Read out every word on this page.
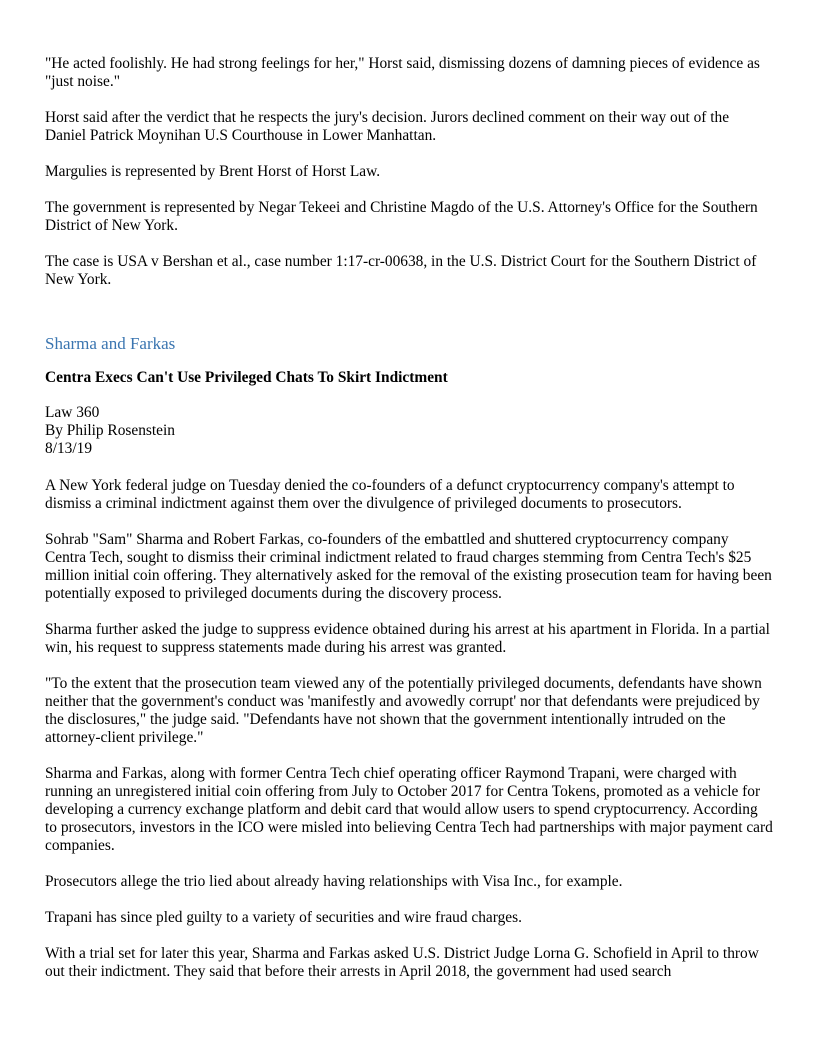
"He acted foolishly. He had strong feelings for her," Horst said, dismissing dozens of damning pieces of evidence as "just noise."

Horst said after the verdict that he respects the jury's decision. Jurors declined comment on their way out of the Daniel Patrick Moynihan U.S Courthouse in Lower Manhattan.

Margulies is represented by Brent Horst of Horst Law.

The government is represented by Negar Tekeei and Christine Magdo of the U.S. Attorney's Office for the Southern District of New York.

The case is USA v Bershan et al., case number 1:17-cr-00638, in the U.S. District Court for the Southern District of New York.

Sharma and Farkas

Centra Execs Can't Use Privileged Chats To Skirt Indictment

Law 360
By Philip Rosenstein
8/13/19

A New York federal judge on Tuesday denied the co-founders of a defunct cryptocurrency company's attempt to dismiss a criminal indictment against them over the divulgence of privileged documents to prosecutors.

Sohrab "Sam" Sharma and Robert Farkas, co-founders of the embattled and shuttered cryptocurrency company Centra Tech, sought to dismiss their criminal indictment related to fraud charges stemming from Centra Tech's $25 million initial coin offering. They alternatively asked for the removal of the existing prosecution team for having been potentially exposed to privileged documents during the discovery process.

Sharma further asked the judge to suppress evidence obtained during his arrest at his apartment in Florida. In a partial win, his request to suppress statements made during his arrest was granted.

"To the extent that the prosecution team viewed any of the potentially privileged documents, defendants have shown neither that the government's conduct was 'manifestly and avowedly corrupt' nor that defendants were prejudiced by the disclosures," the judge said. "Defendants have not shown that the government intentionally intruded on the attorney-client privilege."

Sharma and Farkas, along with former Centra Tech chief operating officer Raymond Trapani, were charged with running an unregistered initial coin offering from July to October 2017 for Centra Tokens, promoted as a vehicle for developing a currency exchange platform and debit card that would allow users to spend cryptocurrency. According to prosecutors, investors in the ICO were misled into believing Centra Tech had partnerships with major payment card companies.

Prosecutors allege the trio lied about already having relationships with Visa Inc., for example.

Trapani has since pled guilty to a variety of securities and wire fraud charges.

With a trial set for later this year, Sharma and Farkas asked U.S. District Judge Lorna G. Schofield in April to throw out their indictment. They said that before their arrests in April 2018, the government had used search
